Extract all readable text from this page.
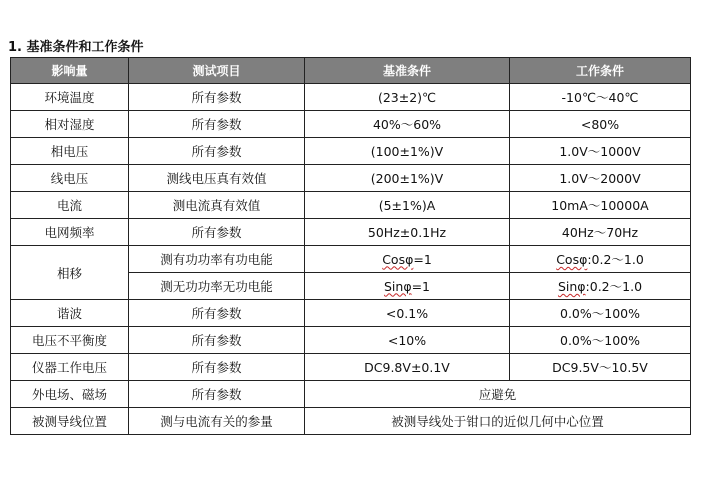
1. 基准条件和工作条件
影响量	测试项目	基准条件	工作条件
环境温度	所有参数	(23±2)℃	-10℃～40℃
相对湿度	所有参数	40%～60%	<80%
相电压	所有参数	(100±1%)V	1.0V～1000V
线电压	测线电压真有效值	(200±1%)V	1.0V～2000V
电流	测电流真有效值	(5±1%)A	10mA～10000A
电网频率	所有参数	50Hz±0.1Hz	40Hz～70Hz
相移	测有功功率有功电能	Cosφ=1	Cosφ:0.2～1.0
	测无功功率无功电能	Sinφ=1	Sinφ:0.2～1.0
谐波	所有参数	<0.1%	0.0%～100%
电压不平衡度	所有参数	<10%	0.0%～100%
仪器工作电压	所有参数	DC9.8V±0.1V	DC9.5V～10.5V
外电场、磁场	所有参数	应避免	
被测导线位置	测与电流有关的参量	被测导线处于钳口的近似几何中心位置	
